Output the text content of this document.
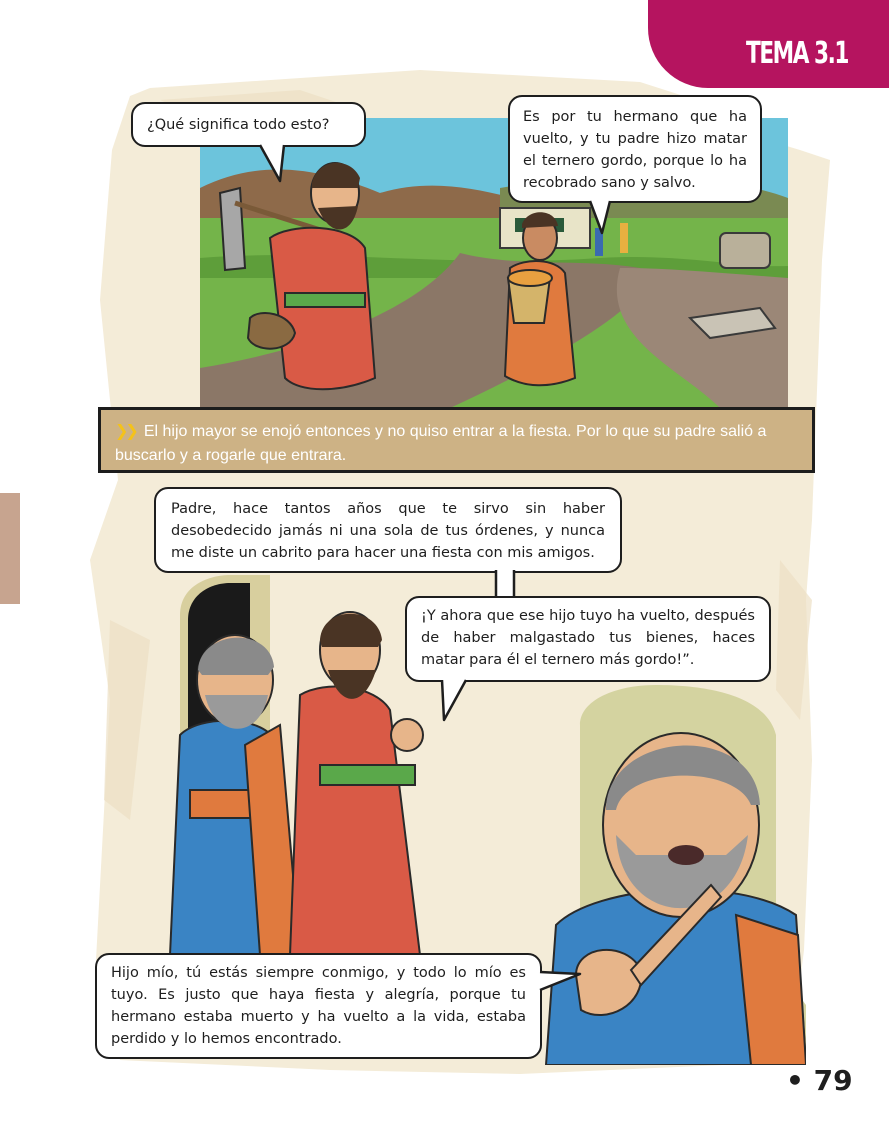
TEMA 3.1
¿Qué significa todo esto?	Es por tu hermano que ha vuelto, y tu padre hizo matar el ternero gordo, porque lo ha recobrado sano y salvo.
❯❯ El hijo mayor se enojó entonces y no quiso entrar a la fiesta. Por lo que su padre salió a buscarlo y a rogarle que entrara.
Padre, hace tantos años que te sirvo sin haber desobedecido jamás ni una sola de tus órdenes, y nunca me diste un cabrito para hacer una fiesta con mis amigos.
¡Y ahora que ese hijo tuyo ha vuelto, después de haber malgastado tus bienes, haces matar para él el ternero más gordo!”.
Hijo mío, tú estás siempre conmigo, y todo lo mío es tuyo. Es justo que haya fiesta y alegría, porque tu hermano estaba muerto y ha vuelto a la vida, estaba perdido y lo hemos encontrado.
• 79
